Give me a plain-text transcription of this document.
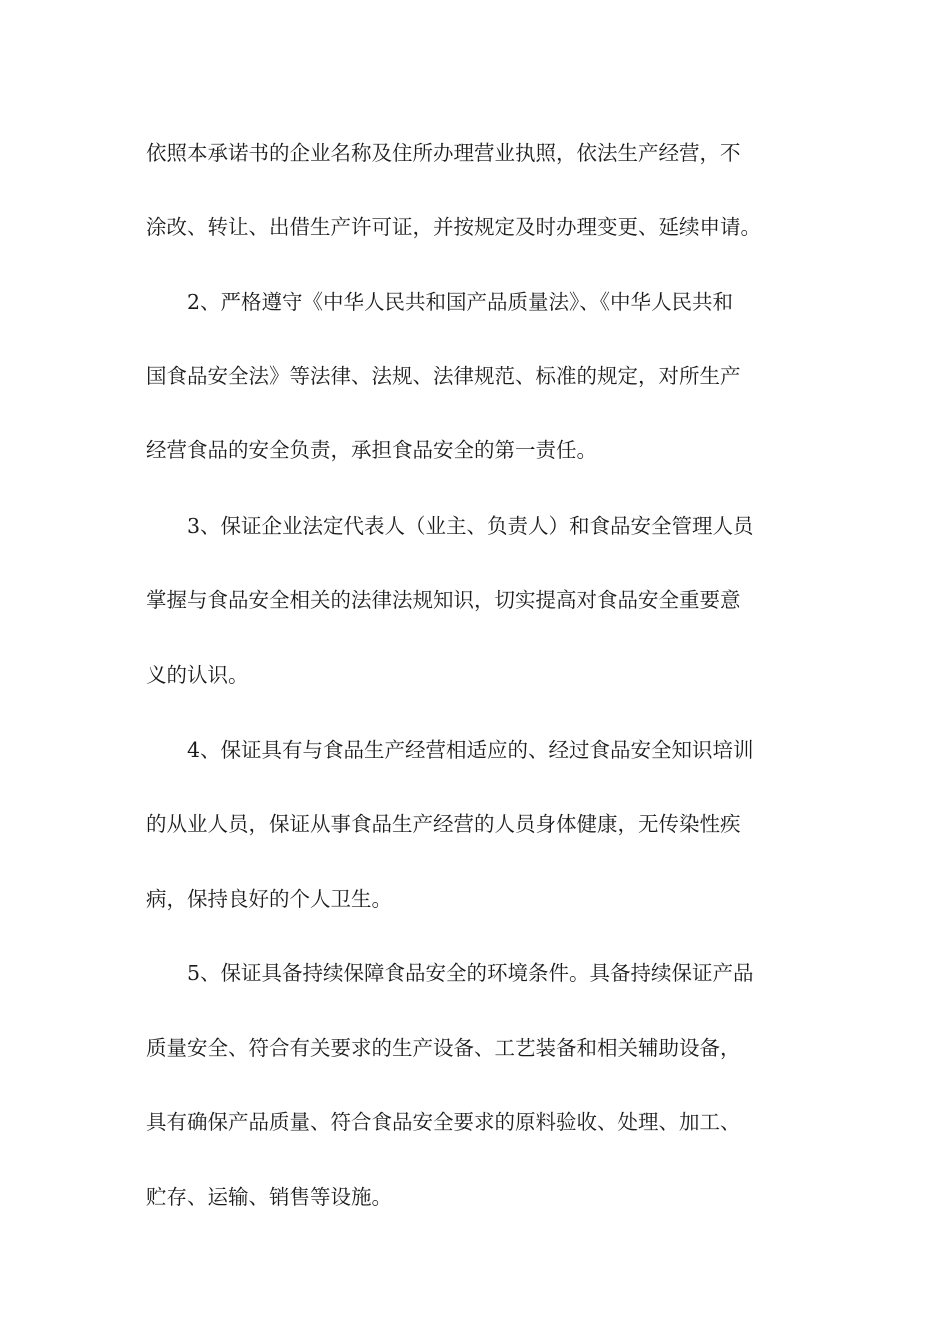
依照本承诺书的企业名称及住所办理营业执照，依法生产经营，不
涂改、转让、出借生产许可证，并按规定及时办理变更、延续申请。
2、严格遵守《中华人民共和国产品质量法》、《中华人民共和
国食品安全法》等法律、法规、法律规范、标准的规定，对所生产
经营食品的安全负责，承担食品安全的第一责任。
3、保证企业法定代表人（业主、负责人）和食品安全管理人员
掌握与食品安全相关的法律法规知识，切实提高对食品安全重要意
义的认识。
4、保证具有与食品生产经营相适应的、经过食品安全知识培训
的从业人员，保证从事食品生产经营的人员身体健康，无传染性疾
病，保持良好的个人卫生。
5、保证具备持续保障食品安全的环境条件。具备持续保证产品
质量安全、符合有关要求的生产设备、工艺装备和相关辅助设备，
具有确保产品质量、符合食品安全要求的原料验收、处理、加工、
贮存、运输、销售等设施。
